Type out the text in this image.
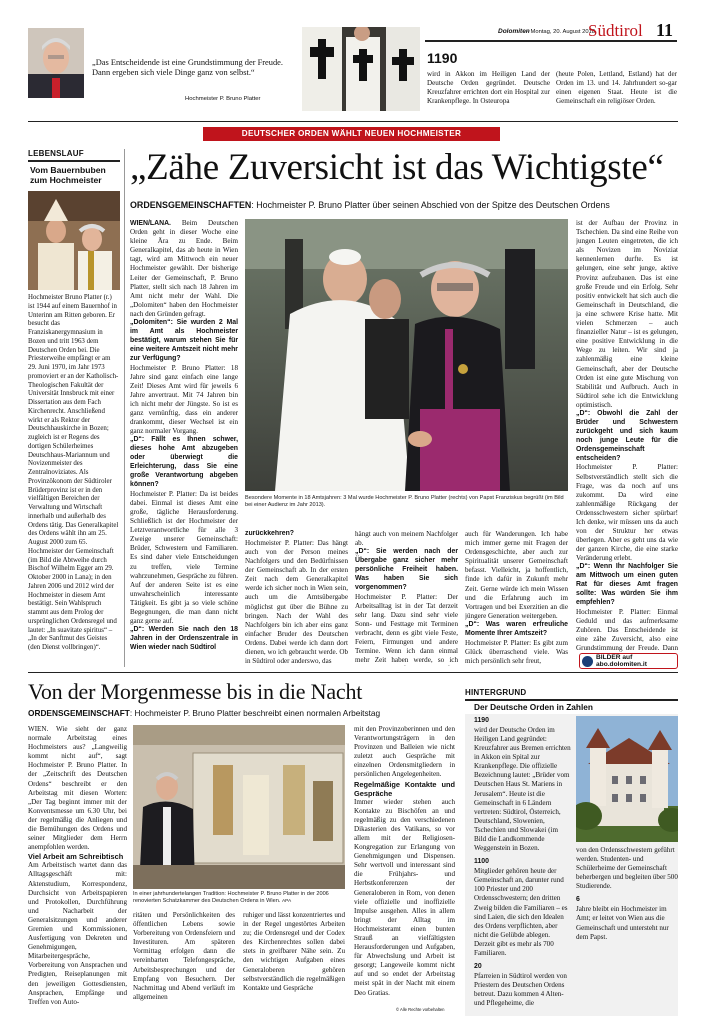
„Das Entscheidende ist eine Grundstimmung der Freude. Dann ergeben sich viele Dinge ganz von selbst.“
Hochmeister P. Bruno Platter
Dolomiten
- Montag, 20. August 2018
Südtirol 11
1190
wird in Akkon im Heiligen Land der Deutsche Orden gegründet. Deutsche Kreuzfahrer errichten dort ein Hospital zur Krankenpflege. In Osteuropa
(heute Polen, Lettland, Estland) hat der Orden im 13. und 14. Jahrhundert so-gar einen eigenen Staat. Heute ist die Gemeinschaft ein religiöser Orden.
DEUTSCHER ORDEN WÄHLT NEUEN HOCHMEISTER
LEBENSLAUF
Vom Bauernbuben zum Hochmeister
Hochmeister Bruno Platter (r.) ist 1944 auf einem Bauernhof in Unterinn am Ritten geboren. Er besucht das Franziskanergymnasium in Bozen und tritt 1963 dem Deutschen Orden bei. Die Priesterweihe empfängt er am 29. Juni 1970, im Jahr 1973 promoviert er an der Katholisch-Theologischen Fakultät der Universität Innsbruck mit einer Dissertation aus dem Fach Kirchenrecht. Anschließend wirkt er als Rektor der Deutschhauskirche in Bozen; zugleich ist er Regens des dortigen Schülerheimes Deutschhaus-Mariannum und Novizenmeister des Zentralnoviziates. Als Provinzökonom der Südtiroler Brüderprovinz ist er in den vielfältigen Bereichen der Verwaltung und Wirtschaft innerhalb und außerhalb des Ordens tätig. Das Generalkapitel des Ordens wählt ihn am 25. August 2000 zum 65. Hochmeister der Gemeinschaft (im Bild die Abtweihe durch Bischof Wilhelm Egger am 29. Oktober 2000 in Lana); in den Jahren 2006 und 2012 wird der Hochmeister in diesem Amt bestätigt. Sein Wahlspruch stammt aus dem Prolog der ursprünglichen Ordensregel und lautet: „In suavitate spiritus“ – „In der Sanftmut des Geistes (den Dienst vollbringen)“.
„Zähe Zuversicht ist das Wichtigste“
ORDENSGEMEINSCHAFTEN: Hochmeister P. Bruno Platter über seinen Abschied von der Spitze des Deutschen Ordens

WIEN/LANA. Beim Deutschen Orden geht in dieser Woche eine kleine Ära zu Ende. Beim Generalkapitel, das ab heute in Wien tagt, wird am Mittwoch ein neuer Hochmeister gewählt. Der bisherige Leiter der Gemeinschaft, P. Bruno Platter, stellt sich nach 18 Jahren im Amt nicht mehr der Wahl. Die „Dolomiten“ haben den Hochmeister nach den Gründen gefragt.

„Dolomiten“: Sie wurden 2 Mal im Amt als Hochmeister bestätigt, warum stehen Sie für eine weitere Amtszeit nicht mehr zur Verfügung?

Hochmeister P. Bruno Platter: 18 Jahre sind ganz einfach eine lange Zeit! Dieses Amt wird für jeweils 6 Jahre anvertraut. Mit 74 Jahren bin ich nicht mehr der Jüngste. So ist es ganz vernünftig, dass ein anderer drankommt, dieser Wechsel ist ein ganz normaler Vorgang.

„D“: Fällt es Ihnen schwer, dieses hohe Amt abzugeben oder überwiegt die Erleichterung, dass Sie eine große Verantwortung abgeben können?

Hochmeister P. Platter: Da ist beides dabei. Einmal ist dieses Amt eine große, tägliche Herausforderung. Schließlich ist der Hochmeister der Letztverantwortliche für alle 3 Zweige unserer Gemeinschaft: Brüder, Schwestern und Familiaren. Es sind daher viele Entscheidungen zu treffen, viele Termine wahrzunehmen, Gespräche zu führen. Auf der anderen Seite ist es eine unwahrscheinlich interessante Tätigkeit. Es gibt ja so viele schöne Begegnungen, die man dann nicht ganz gerne auf.

„D“: Werden Sie nach den 18 Jahren in der Ordenszentrale in Wien wieder nach Südtirol

Besondere Momente in 18 Amtsjahren: 3 Mal wurde Hochmeister P. Bruno Platter (rechts) von Papst Franziskus begrüßt (im Bild bei einer Audienz im Jahr 2013).

zurückkehren?

Hochmeister P. Platter: Das hängt auch von der Person meines Nachfolgers und den Bedürfnissen der Gemeinschaft ab. In der ersten Zeit nach dem Generalkapitel werde ich sicher noch in Wien sein, auch um die Amtsübergabe möglichst gut über die Bühne zu bringen. Nach der Wahl des Nachfolgers bin ich aber eins ganz einfacher Bruder des Deutschen Ordens. Dabei werde ich dann dort dienen, wo ich gebraucht werde. Ob in Südtirol oder anderswo, das

hängt auch von meinem Nachfolger ab.

„D“: Sie werden nach der Übergabe ganz sicher mehr persönliche Freiheit haben. Was haben Sie sich vorgenommen?

Hochmeister P. Platter: Der Arbeitsalltag ist in der Tat derzeit sehr lang. Dazu sind sehr viele Sonn- und Festtage mit Terminen verbracht, denn es gibt viele Feste, Feiern, Firmungen und andere Termine. Wenn ich dann einmal mehr Zeit haben werde, so ich

auch für Wanderungen. Ich habe mich immer gerne mit Fragen der Ordensgeschichte, aber auch zur Spiritualität unserer Gemeinschaft befasst. Vielleicht, ja hoffentlich, finde ich dafür in Zukunft mehr Zeit. Gerne würde ich mein Wissen und die Erfahrung auch im Vortragen und bei Exerzitien an die jüngere Generation weitergeben.

„D“: Was waren erfreuliche Momente Ihrer Amtszeit?

Hochmeister P. Platter: Es gibt zum Glück überraschend viele. Was mich persönlich sehr freut,

ist der Aufbau der Provinz in Tschechien. Da sind eine Reihe von jungen Leuten eingetreten, die ich als Novizen im Noviziat kennenlernen durfte. Es ist gelungen, eine sehr junge, aktive Provinz aufzubauen. Das ist eine große Freude und ein Erfolg. Sehr positiv entwickelt hat sich auch die Gemeinschaft in Deutschland, die ja eine schwere Krise hatte. Mit vielen Schmerzen – auch finanzieller Natur – ist es gelungen, eine positive Entwicklung in die Wege zu leiten. Wir sind ja zahlenmäßig eine kleine Gemeinschaft, aber der Deutsche Orden ist eine gute Mischung von Stabilität und Aufbruch. Auch in Südtirol sehe ich die Entwicklung optimistisch.

„D“: Obwohl die Zahl der Brüder und Schwestern zurückgeht und sich kaum noch junge Leute für die Ordensgemeinschaft entscheiden?

Hochmeister P. Platter: Selbstverständlich stellt sich die Frage, was da noch auf uns zukommt. Da wird eine zahlenmäßige Rückgang der Ordensschwestern sicher spürbar! Ich denke, wir müssen uns da auch von der Struktur her etwas überlegen. Aber es geht uns da wie der ganzen Kirche, die eine starke Veränderung erlebt.

„D“: Wenn Ihr Nachfolger Sie am Mittwoch um einen guten Rat für dieses Amt fragen sollte: Was würden Sie ihm empfehlen?

Hochmeister P. Platter: Einmal Geduld und das aufmerksame Zuhören. Das Entscheidende ist eine zähe Zuversicht, also eine Grundstimmung der Freude. Dann

BILDER auf
abo.dolomiten.it
Von der Morgenmesse bis in die Nacht
ORDENSGEMEINSCHAFT: Hochmeister P. Bruno Platter beschreibt einen normalen Arbeitstag

WIEN. Wie sieht der ganz normale Arbeitstag eines Hochmeisters aus? „Langweilig kommt nicht auf“, sagt Hochmeister P. Bruno Platter. In der „Zeitschrift des Deutschen Ordens“ beschreibt er den Arbeitstag mit diesen Worten: „Der Tag beginnt immer mit der Konventsmesse um 6.30 Uhr, bei der regelmäßig die Anliegen und die Bemühungen des Ordens und seiner Mitglieder dem Herrn anempfohlen werden.

Viel Arbeit am Schreibtisch

Am Arbeitstisch wartet dann das Alltagsgeschäft mit: Aktenstudium, Korrespondenz, Durchsicht von Arbeitspapieren und Protokollen, Durchführung und Nacharbeit der Generalsitzungen und anderer Gremien und Kommissionen, Ausfertigung von Dekreten und Genehmigungen, Mitarbeitergespräche, Vorbereitung von Ansprachen und Predigten, Reiseplanungen mit den jeweiligen Gottesdiensten, Ansprachen, Empfänge und Treffen von Auto-

In einer jahrhundertelangen Tradition: Hochmeister P. Bruno Platter in der 2006 renovierten Schatzkammer des Deutschen Ordens in Wien. APA
ritäten und Persönlichkeiten des öffentlichen Lebens sowie Vorbereitung von Ordensfeiern und Investituren. Am späteren Vormittag erfolgen dann die vereinbarten Telefongespräche, Arbeitsbesprechungen und der Empfang von Besuchern. Der Nachmittag und Abend verläuft im allgemeinen
ruhiger und lässt konzentriertes und in der Regel ungestörtes Arbeiten zu; die Ordensregel und der Codex des Kirchenrechtes sollen dabei stets in greifbarer Nähe sein. Zu den wichtigen Aufgaben eines Generaloberen gehören selbstverständlich die regelmäßigen Kontakte und Gespräche

mit den Provinzoberinnen und den Verantwortungsträgern in den Provinzen und Balleien wie nicht zuletzt auch Gespräche mit einzelnen Ordensmitgliedern in persönlichen Angelegenheiten.

Regelmäßige Kontakte und Gespräche

Immer wieder stehen auch Kontakte zu Bischöfen an und regelmäßig zu den verschiedenen Dikasterien des Vatikans, so vor allem mit der Religiosen-Kongregation zur Erlangung von Genehmigungen und Dispensen. Sehr wertvoll und interessant sind die Frühjahrs- und Herbstkonferenzen der Generaloberen in Rom, von denen viele offizielle und inoffizielle Impulse ausgehen. Alles in allem bringt der Alltag im Hochmeisteramt einen bunten Strauß an vielfältigsten Herausforderungen und Aufgaben, für Abwechslung und Arbeit ist gesorgt; Langeweile kommt nicht auf und so endet der Arbeitstag meist spät in der Nacht mit einem Deo Gratias.

© Alle Rechte vorbehalten
HINTERGRUND
Der Deutsche Orden in Zahlen

1190

wird der Deutsche Orden im Heiligen Land gegründet: Kreuzfahrer aus Bremen errichten in Akkon ein Spital zur Krankenpflege. Die offizielle Bezeichnung lautet: „Brüder vom Deutschen Haus St. Mariens in Jerusalem“. Heute ist die Gemeinschaft in 6 Ländern vertreten: Südtirol, Österreich, Deutschland, Slowenien, Tschechien und Slowakei (im Bild die Landkommende Weggenstein in Bozen.

1100

Mitglieder gehören heute der Gemeinschaft an, darunter rund 100 Priester und 200 Ordensschwestern; den dritten Zweig bilden die Familiaren – es sind Laien, die sich den Idealen des Ordens verpflichten, aber nicht die Gelübde ablegen. Derzeit gibt es mehr als 700 Familiaren.

20

Pfarreien in Südtirol werden von Priestern des Deutschen Ordens betreut. Dazu kommen 4 Alten- und Pflegeheime, die

von den Ordensschwestern geführt werden. Studenten- und Schülerheime der Gemeinschaft beherbergen und begleiten über 500 Studierende.

6

Jahre bleibt ein Hochmeister im Amt; er leitet von Wien aus die Gemeinschaft und untersteht nur dem Papst.
